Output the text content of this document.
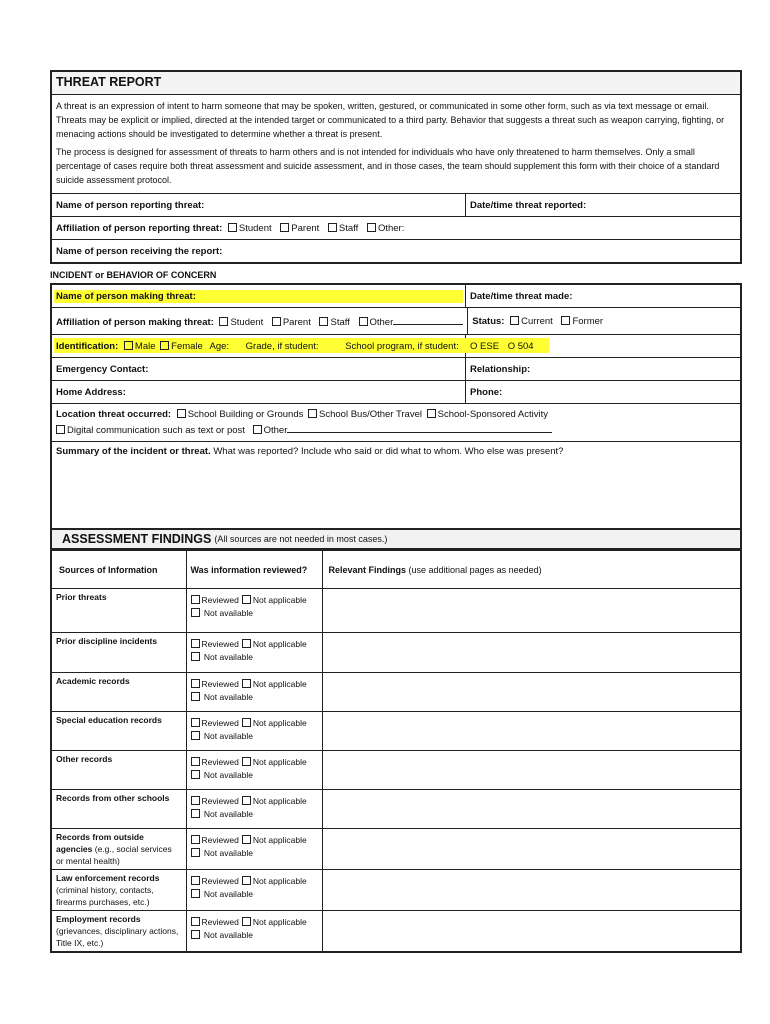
THREAT REPORT

A threat is an expression of intent to harm someone that may be spoken, written, gestured, or communicated in some other form, such as via text message or email. Threats may be explicit or implied, directed at the intended target or communicated to a third party. Behavior that suggests a threat such as weapon carrying, fighting, or menacing actions should be investigated to determine whether a threat is present.

The process is designed for assessment of threats to harm others and is not intended for individuals who have only threatened to harm themselves. Only a small percentage of cases require both threat assessment and suicide assessment, and in those cases, the team should supplement this form with their choice of a standard suicide assessment protocol.

Name of person reporting threat:	Date/time threat reported:
Affiliation of person reporting threat: Student Parent Staff Other:
Name of person receiving the report:
INCIDENT or BEHAVIOR OF CONCERN
Name of person making threat:	Date/time threat made:
Affiliation of person making threat: Student Parent Staff Other	Status: Current Former
Identification: Male Female Age: Grade, if student:	School program, if student:	O ESE O 504
Emergency Contact:	Relationship:
Home Address:	Phone:
Location threat occurred: School Building or Grounds School Bus/Other Travel School-Sponsored Activity
Digital communication such as text or post Other
Summary of the incident or threat. What was reported? Include who said or did what to whom. Who else was present?
ASSESSMENT FINDINGS (All sources are not needed in most cases.)
Sources of Information	Was information reviewed?	Relevant Findings (use additional pages as needed)
Prior threats	Reviewed Not applicable
Not available	

Prior discipline incidents	Reviewed Not applicable
Not available	

Academic records	Reviewed Not applicable
Not available	

Special education records	Reviewed Not applicable
Not available	

Other records	Reviewed Not applicable
Not available	

Records from other schools	Reviewed Not applicable
Not available	

Records from outside agencies (e.g., social services or mental health)	Reviewed Not applicable
Not available	

Law enforcement records (criminal history, contacts, firearms purchases, etc.)	Reviewed Not applicable
Not available	

Employment records (grievances, disciplinary actions, Title IX, etc.)	Reviewed Not applicable
Not available	
